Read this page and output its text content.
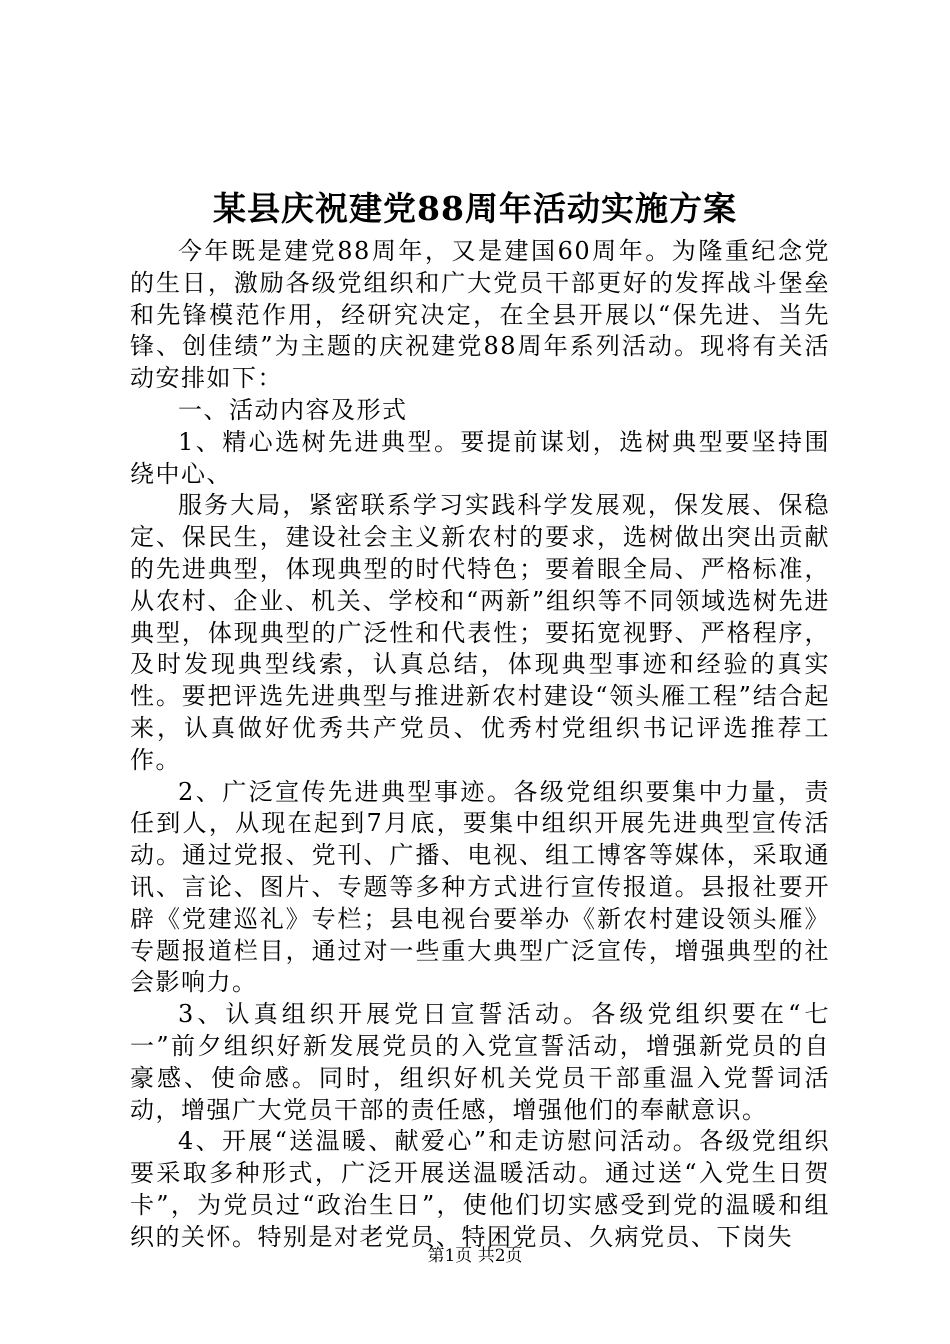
某县庆祝建党88周年活动实施方案

今年既是建党88周年，又是建国60周年。为隆重纪念党的生日，激励各级党组织和广大党员干部更好的发挥战斗堡垒和先锋模范作用，经研究决定，在全县开展以“保先进、当先锋、创佳绩”为主题的庆祝建党88周年系列活动。现将有关活动安排如下：

一、活动内容及形式

1、精心选树先进典型。要提前谋划，选树典型要坚持围绕中心、

服务大局，紧密联系学习实践科学发展观，保发展、保稳定、保民生，建设社会主义新农村的要求，选树做出突出贡献的先进典型，体现典型的时代特色；要着眼全局、严格标准，从农村、企业、机关、学校和“两新”组织等不同领域选树先进典型，体现典型的广泛性和代表性；要拓宽视野、严格程序，及时发现典型线索，认真总结，体现典型事迹和经验的真实性。要把评选先进典型与推进新农村建设“领头雁工程”结合起来，认真做好优秀共产党员、优秀村党组织书记评选推荐工作。

2、广泛宣传先进典型事迹。各级党组织要集中力量，责任到人，从现在起到7月底，要集中组织开展先进典型宣传活动。通过党报、党刊、广播、电视、组工博客等媒体，采取通讯、言论、图片、专题等多种方式进行宣传报道。县报社要开辟《党建巡礼》专栏；县电视台要举办《新农村建设领头雁》专题报道栏目，通过对一些重大典型广泛宣传，增强典型的社会影响力。

3、认真组织开展党日宣誓活动。各级党组织要在“七一”前夕组织好新发展党员的入党宣誓活动，增强新党员的自豪感、使命感。同时，组织好机关党员干部重温入党誓词活动，增强广大党员干部的责任感，增强他们的奉献意识。

4、开展“送温暖、献爱心”和走访慰问活动。各级党组织要采取多种形式，广泛开展送温暖活动。通过送“入党生日贺卡”，为党员过“政治生日”，使他们切实感受到党的温暖和组织的关怀。特别是对老党员、特困党员、久病党员、下岗失

第1页 共2页
